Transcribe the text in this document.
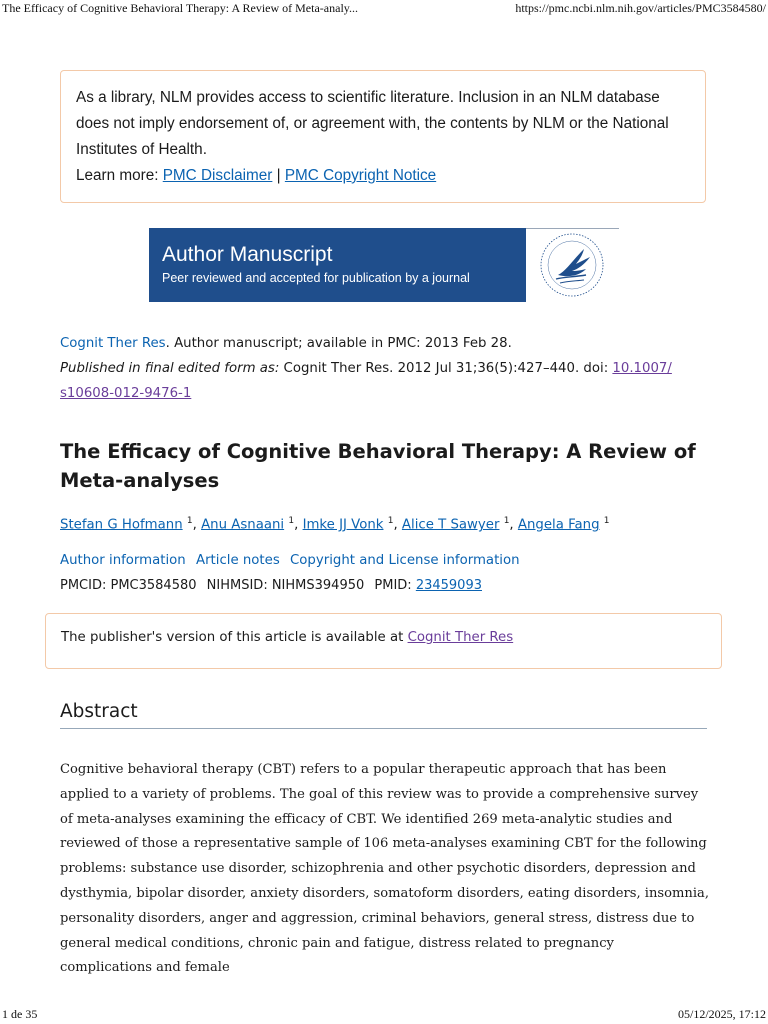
The Efficacy of Cognitive Behavioral Therapy: A Review of Meta-analy...	https://pmc.ncbi.nlm.nih.gov/articles/PMC3584580/
As a library, NLM provides access to scientific literature. Inclusion in an NLM database does not imply endorsement of, or agreement with, the contents by NLM or the National Institutes of Health.
Learn more: PMC Disclaimer | PMC Copyright Notice
Author Manuscript
Peer reviewed and accepted for publication by a journal
Cognit Ther Res. Author manuscript; available in PMC: 2013 Feb 28.
Published in final edited form as: Cognit Ther Res. 2012 Jul 31;36(5):427–440. doi: 10.1007/
s10608-012-9476-1
The Efficacy of Cognitive Behavioral Therapy: A Review of Meta-analyses
Stefan G Hofmann $^1$, Anu Asnaani $^1$, Imke JJ Vonk $^1$, Alice T Sawyer $^1$, Angela Fang $^1$
Author information Article notes Copyright and License information
PMCID: PMC3584580 NIHMSID: NIHMS394950 PMID: 23459093
The publisher's version of this article is available at Cognit Ther Res
Abstract

Cognitive behavioral therapy (CBT) refers to a popular therapeutic approach that has been applied to a variety of problems. The goal of this review was to provide a comprehensive survey of meta-analyses examining the efficacy of CBT. We identified 269 meta-analytic studies and reviewed of those a representative sample of 106 meta-analyses examining CBT for the following problems: substance use disorder, schizophrenia and other psychotic disorders, depression and dysthymia, bipolar disorder, anxiety disorders, somatoform disorders, eating disorders, insomnia, personality disorders, anger and aggression, criminal behaviors, general stress, distress due to general medical conditions, chronic pain and fatigue, distress related to pregnancy complications and female

1 de 35	05/12/2025, 17:12
